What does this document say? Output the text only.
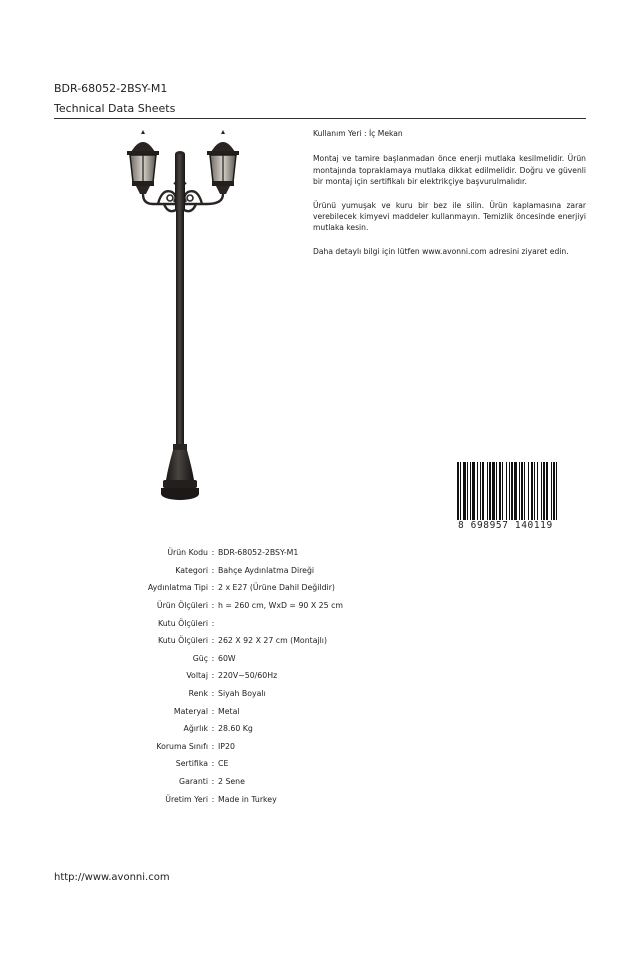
BDR-68052-2BSY-M1
Technical Data Sheets

Kullanım Yeri : İç Mekan

Montaj ve tamire başlanmadan önce enerji mutlaka kesilmelidir. Ürün montajında topraklamaya mutlaka dikkat edilmelidir. Doğru ve güvenli bir montaj için sertifikalı bir elektrikçiye başvurulmalıdır.

Ürünü yumuşak ve kuru bir bez ile silin. Ürün kaplamasına zarar verebilecek kimyevi maddeler kullanmayın. Temizlik öncesinde enerjiyi mutlaka kesin.

Daha detaylı bilgi için lütfen www.avonni.com adresini ziyaret edin.

8 698957 140119
Ürün Kodu : BDR-68052-2BSY-M1
Kategori : Bahçe Aydınlatma Direği
Aydınlatma Tipi : 2 x E27 (Ürüne Dahil Değildir)
Ürün Ölçüleri : h = 260 cm, WxD = 90 X 25 cm
Kutu Ölçüleri :
Kutu Ölçüleri : 262 X 92 X 27 cm (Montajlı)
Güç : 60W
Voltaj : 220V~50/60Hz
Renk : Siyah Boyalı
Materyal : Metal
Ağırlık : 28.60 Kg
Koruma Sınıfı : IP20
Sertifika : CE
Garanti : 2 Sene
Üretim Yeri : Made in Turkey
http://www.avonni.com
